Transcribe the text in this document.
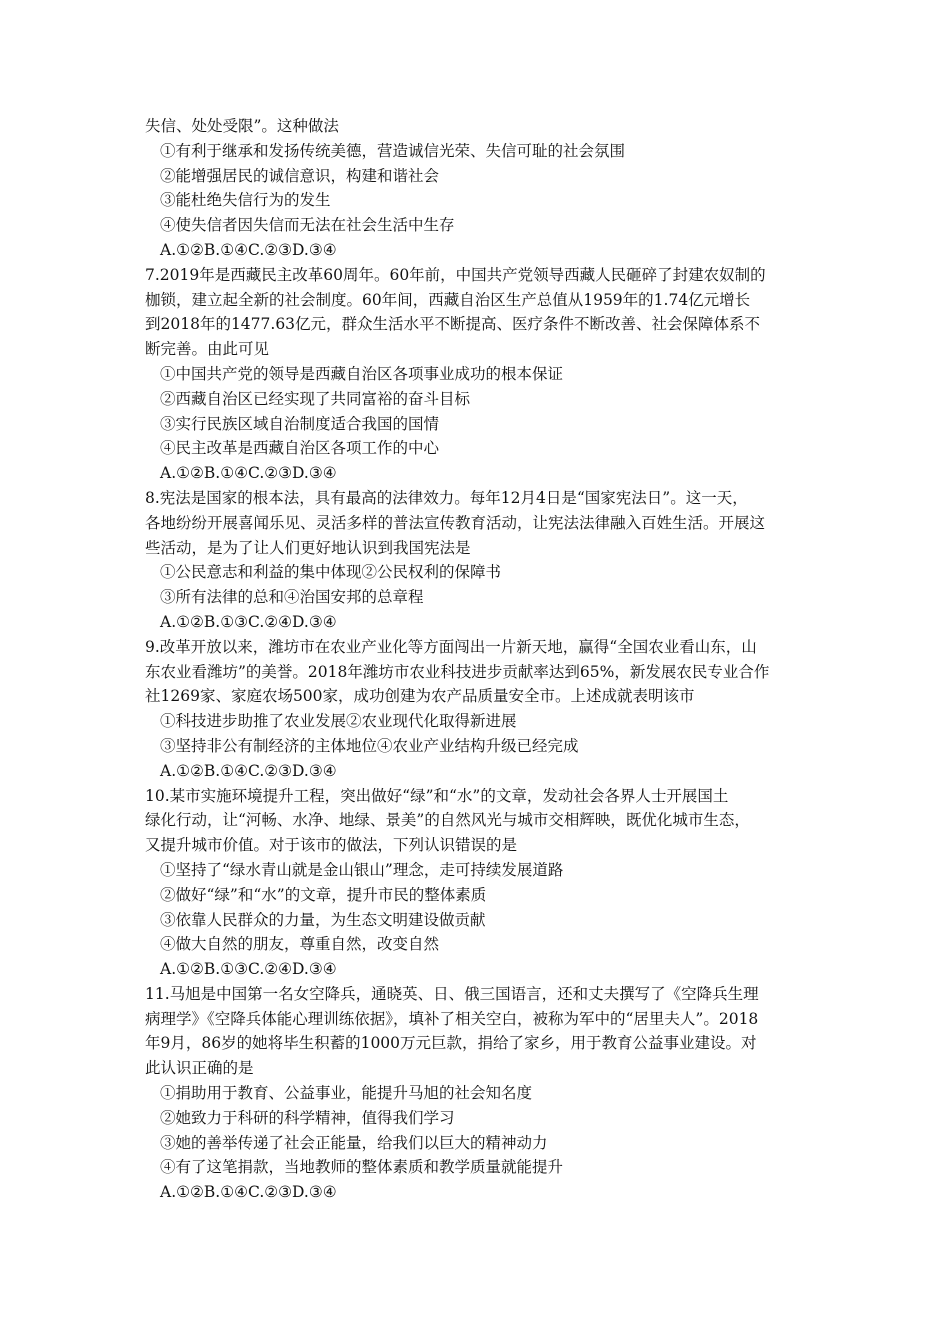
失信、处处受限”。这种做法
①有利于继承和发扬传统美德，营造诚信光荣、失信可耻的社会氛围
②能增强居民的诚信意识，构建和谐社会
③能杜绝失信行为的发生
④使失信者因失信而无法在社会生活中生存
A.①②B.①④C.②③D.③④
7.2019年是西藏民主改革60周年。60年前，中国共产党领导西藏人民砸碎了封建农奴制的
枷锁，建立起全新的社会制度。60年间，西藏自治区生产总值从1959年的1.74亿元增长
到2018年的1477.63亿元，群众生活水平不断提高、医疗条件不断改善、社会保障体系不
断完善。由此可见
①中国共产党的领导是西藏自治区各项事业成功的根本保证
②西藏自治区已经实现了共同富裕的奋斗目标
③实行民族区域自治制度适合我国的国情
④民主改革是西藏自治区各项工作的中心
A.①②B.①④C.②③D.③④
8.宪法是国家的根本法，具有最高的法律效力。每年12月4日是“国家宪法日”。这一天，
各地纷纷开展喜闻乐见、灵活多样的普法宣传教育活动，让宪法法律融入百姓生活。开展这
些活动，是为了让人们更好地认识到我国宪法是
①公民意志和利益的集中体现②公民权利的保障书
③所有法律的总和④治国安邦的总章程
A.①②B.①③C.②④D.③④
9.改革开放以来，潍坊市在农业产业化等方面闯出一片新天地，赢得“全国农业看山东，山
东农业看潍坊”的美誉。2018年潍坊市农业科技进步贡献率达到65%，新发展农民专业合作
社1269家、家庭农场500家，成功创建为农产品质量安全市。上述成就表明该市
①科技进步助推了农业发展②农业现代化取得新进展
③坚持非公有制经济的主体地位④农业产业结构升级已经完成
A.①②B.①④C.②③D.③④
10.某市实施环境提升工程，突出做好“绿”和“水”的文章，发动社会各界人士开展国土
绿化行动，让“河畅、水净、地绿、景美”的自然风光与城市交相辉映，既优化城市生态，
又提升城市价值。对于该市的做法，下列认识错误的是
①坚持了“绿水青山就是金山银山”理念，走可持续发展道路
②做好“绿”和“水”的文章，提升市民的整体素质
③依靠人民群众的力量，为生态文明建设做贡献
④做大自然的朋友，尊重自然，改变自然
A.①②B.①③C.②④D.③④
11.马旭是中国第一名女空降兵，通晓英、日、俄三国语言，还和丈夫撰写了《空降兵生理
病理学》《空降兵体能心理训练依据》，填补了相关空白，被称为军中的“居里夫人”。2018
年9月，86岁的她将毕生积蓄的1000万元巨款，捐给了家乡，用于教育公益事业建设。对
此认识正确的是
①捐助用于教育、公益事业，能提升马旭的社会知名度
②她致力于科研的科学精神，值得我们学习
③她的善举传递了社会正能量，给我们以巨大的精神动力
④有了这笔捐款，当地教师的整体素质和教学质量就能提升
A.①②B.①④C.②③D.③④
